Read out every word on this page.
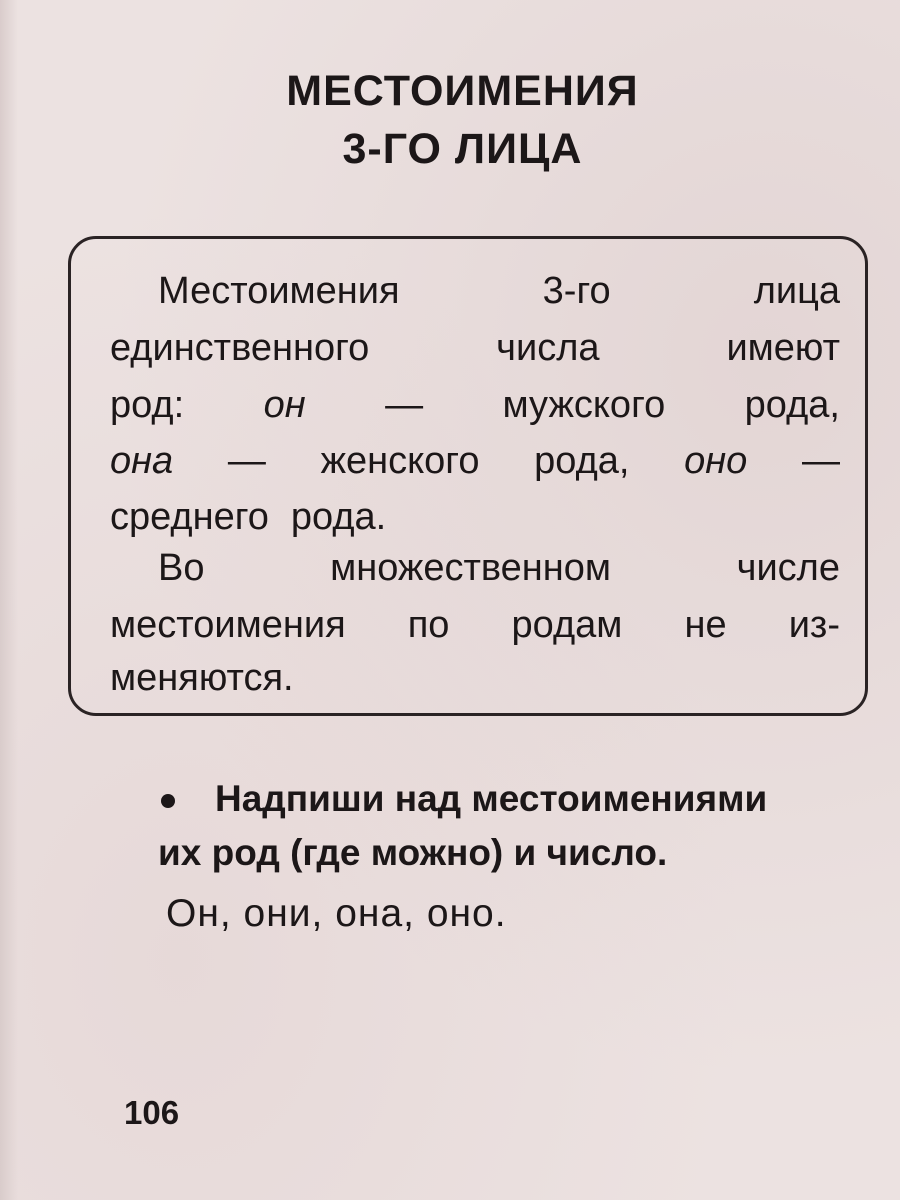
МЕСТОИМЕНИЯ
3-ГО ЛИЦА
Местоимения	3-го	лица
единственного	числа	имеют
род: он — мужского рода,
она — женского рода, оно —
среднего рода.
Во	множественном	числе
местоимения по родам не из-
меняются.
Надпиши над местоимениями
их род (где можно) и число.
Он, они, она, оно.
106
